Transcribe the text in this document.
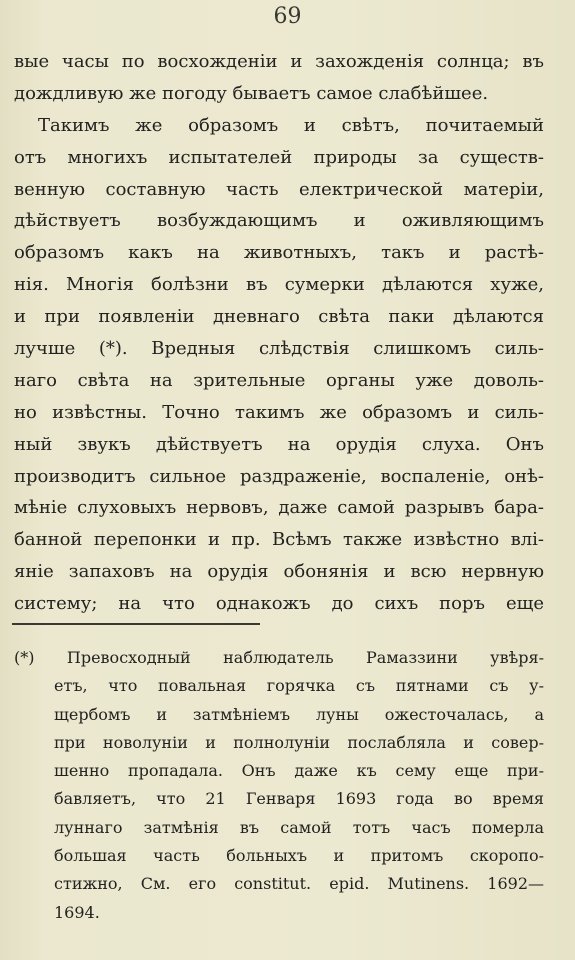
69
вые часы по восхожденіи и захожденія солнца; въ
дождливую же погоду бываетъ самое слабѣйшее.
Такимъ же образомъ и свѣтъ, почитаемый
отъ многихъ испытателей природы за существ-
венную составную часть електрической матеріи,
дѣйствуетъ возбуждающимъ и оживляющимъ
образомъ какъ на животныхъ, такъ и растѣ-
нія. Многія болѣзни въ сумерки дѣлаются хуже,
и при появленіи дневнаго свѣта паки дѣлаются
лучше (*). Вредныя слѣдствія слишкомъ силь-
наго свѣта на зрительные органы уже доволь-
но извѣстны. Точно такимъ же образомъ и силь-
ный звукъ дѣйствуетъ на орудія слуха. Онъ
производитъ сильное раздраженіе, воспаленіе, онѣ-
мѣніе слуховыхъ нервовъ, даже самой разрывъ бара-
банной перепонки и пр. Всѣмъ также извѣстно влі-
яніе запаховъ на орудія обонянія и всю нервную
систему; на что однакожъ до сихъ поръ еще
(*) Превосходный наблюдатель Рамаззини увѣря-
етъ, что повальная горячка съ пятнами съ у-
щербомъ и затмѣніемъ луны ожесточалась, а
при новолуніи и полнолуніи послабляла и совер-
шенно пропадала. Онъ даже къ сему еще при-
бавляетъ, что 21 Генваря 1693 года во время
луннаго затмѣнія въ самой тотъ часъ померла
большая часть больныхъ и притомъ скоропо-
стижно, См. его constitut. epid. Mutinens. 1692—
1694.
